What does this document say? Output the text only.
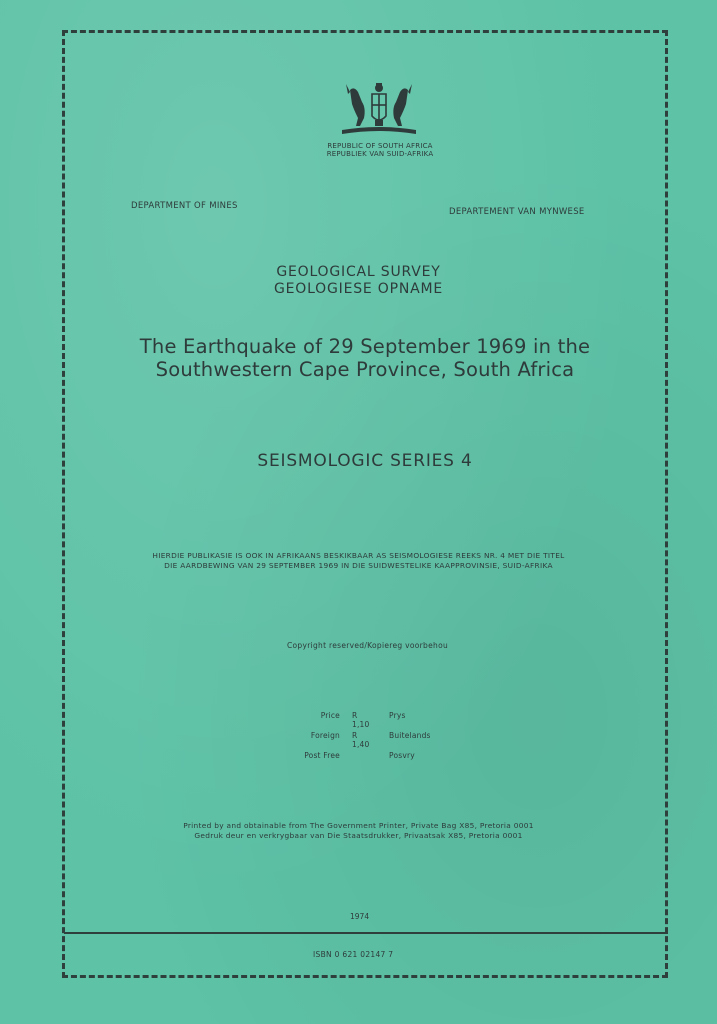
REPUBLIC OF SOUTH AFRICA
REPUBLIEK VAN SUID-AFRIKA
DEPARTMENT OF MINES
DEPARTEMENT VAN MYNWESE
GEOLOGICAL SURVEY
GEOLOGIESE OPNAME
The Earthquake of 29 September 1969 in the
Southwestern Cape Province, South Africa
SEISMOLOGIC SERIES 4
HIERDIE PUBLIKASIE IS OOK IN AFRIKAANS BESKIKBAAR AS SEISMOLOGIESE REEKS NR. 4 MET DIE TITEL
DIE AARDBEWING VAN 29 SEPTEMBER 1969 IN DIE SUIDWESTELIKE KAAPPROVINSIE, SUID-AFRIKA
Copyright reserved/Kopiereg voorbehou
Price R 1,10
Prys
Foreign R 1,40
Buitelands
Post Free	Posvry
Printed by and obtainable from The Government Printer, Private Bag X85, Pretoria 0001
Gedruk deur en verkrygbaar van Die Staatsdrukker, Privaatsak X85, Pretoria 0001
1974
ISBN 0 621 02147 7
